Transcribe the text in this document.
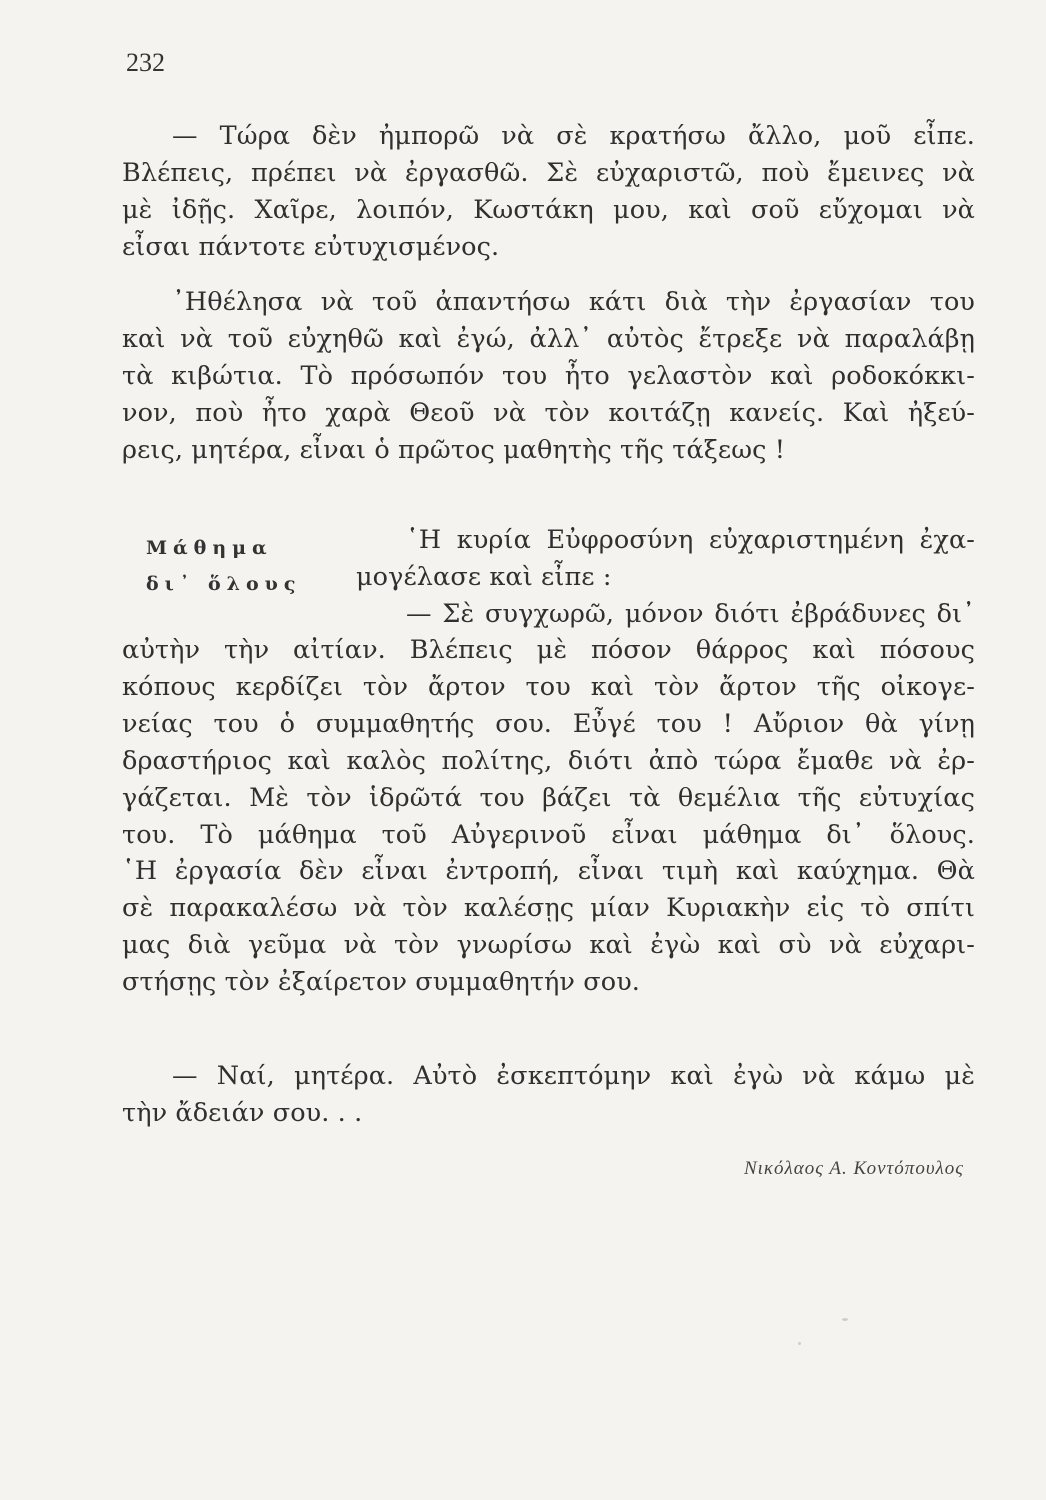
232
— Τώρα δὲν ἠμπορῶ νὰ σὲ κρατήσω ἄλλο, μοῦ εἶπε.
Βλέπεις, πρέπει νὰ ἐργασθῶ. Σὲ εὐχαριστῶ, ποὺ ἔμεινες νὰ
μὲ ἰδῇς. Χαῖρε, λοιπόν, Κωστάκη μου, καὶ σοῦ εὔχομαι νὰ
εἶσαι πάντοτε εὐτυχισμένος.
᾿Ηθέλησα νὰ τοῦ ἀπαντήσω κάτι διὰ τὴν ἐργασίαν του
καὶ νὰ τοῦ εὐχηθῶ καὶ ἐγώ, ἀλλ᾿ αὐτὸς ἔτρεξε νὰ παραλάβῃ
τὰ κιβώτια. Τὸ πρόσωπόν του ἦτο γελαστὸν καὶ ροδοκόκκι-
νον, ποὺ ἦτο χαρὰ Θεοῦ νὰ τὸν κοιτάζῃ κανείς. Καὶ ἠξεύ-
ρεις, μητέρα, εἶναι ὁ πρῶτος μαθητὴς τῆς τάξεως !
Μάθημα
δι᾿ ὅλους
῾Η κυρία Εὐφροσύνη εὐχαριστημένη ἐχα-
μογέλασε καὶ εἶπε :
— Σὲ συγχωρῶ, μόνον διότι ἐβράδυνες δι᾿
αὐτὴν τὴν αἰτίαν. Βλέπεις μὲ πόσον θάρρος καὶ πόσους
κόπους κερδίζει τὸν ἄρτον του καὶ τὸν ἄρτον τῆς οἰκογε-
νείας του ὁ συμμαθητής σου. Εὖγέ του ! Αὔριον θὰ γίνῃ
δραστήριος καὶ καλὸς πολίτης, διότι ἀπὸ τώρα ἔμαθε νὰ ἐρ-
γάζεται. Μὲ τὸν ἱδρῶτά του βάζει τὰ θεμέλια τῆς εὐτυχίας
του. Τὸ μάθημα τοῦ Αὐγερινοῦ εἶναι μάθημα δι᾿ ὅλους.
῾Η ἐργασία δὲν εἶναι ἐντροπή, εἶναι τιμὴ καὶ καύχημα. Θὰ
σὲ παρακαλέσω νὰ τὸν καλέσῃς μίαν Κυριακὴν εἰς τὸ σπίτι
μας διὰ γεῦμα νὰ τὸν γνωρίσω καὶ ἐγὼ καὶ σὺ νὰ εὐχαρι-
στήσῃς τὸν ἐξαίρετον συμμαθητήν σου.
— Ναί, μητέρα. Αὐτὸ ἐσκεπτόμην καὶ ἐγὼ νὰ κάμω μὲ
τὴν ἄδειάν σου. . .
Νικόλαος Α. Κοντόπουλος
